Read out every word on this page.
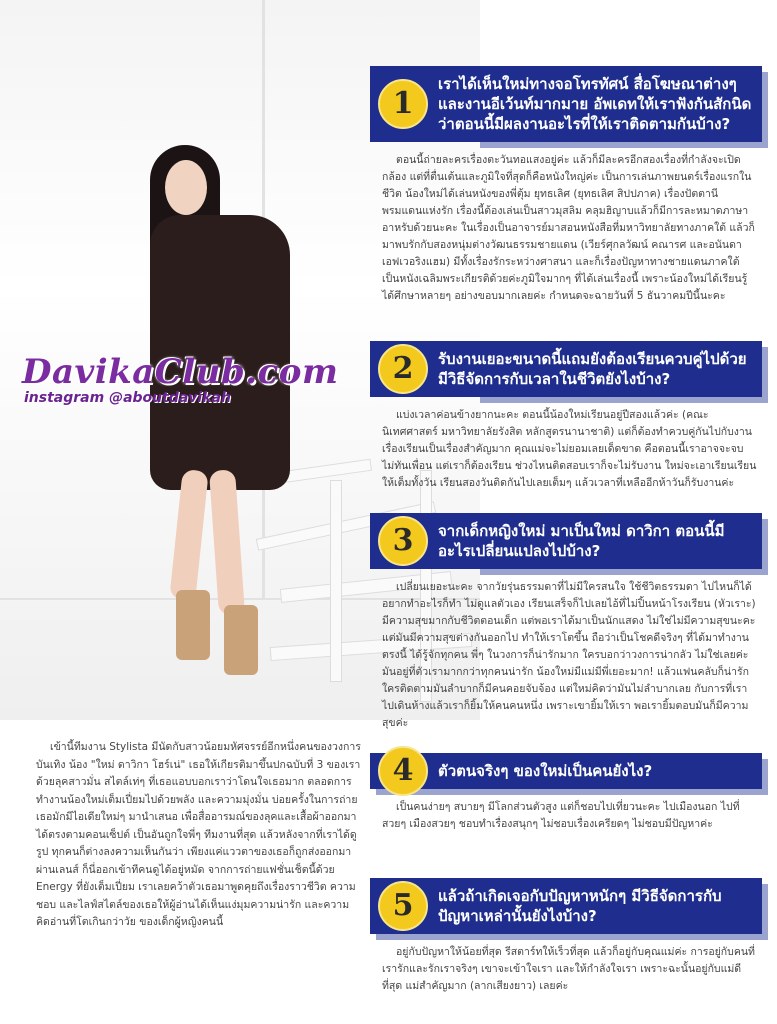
DavikaClub.com
instagram @aboutdavikah
1
เราได้เห็นใหม่ทางจอโทรทัศน์ สื่อโฆษณาต่างๆ และงานอีเว้นท์มากมาย อัพเดทให้เราฟังกันสักนิดว่าตอนนี้มีผลงานอะไรที่ให้เราติดตามกันบ้าง?
ตอนนี้ถ่ายละครเรื่องตะวันทอแสงอยู่ค่ะ แล้วก็มีละครอีกสองเรื่องที่กำลังจะเปิดกล้อง แต่ที่ตื่นเต้นและภูมิใจที่สุดก็คือหนังใหญ่ค่ะ เป็นการเล่นภาพยนตร์เรื่องแรกในชีวิต น้องใหม่ได้เล่นหนังของพี่ตุ้ม ยุทธเลิศ (ยุทธเลิศ สิปปภาค) เรื่องปัตตานี พรมแดนแห่งรัก เรื่องนี้ต้องเล่นเป็นสาวมุสลิม คลุมฮิญาบแล้วก็มีการละหมาดภาษาอาหรับด้วยนะคะ ในเรื่องเป็นอาจารย์มาสอนหนังสือที่มหาวิทยาลัยทางภาคใต้ แล้วก็มาพบรักกับสองหนุ่มต่างวัฒนธรรมชายแดน (เวียร์ศุกลวัฒน์ คณารศ และอนันดา เอฟเวอริงแฮม) มีทั้งเรื่องรักระหว่างศาสนา และก็เรื่องปัญหาทางชายแดนภาคใต้ เป็นหนังเฉลิมพระเกียรติด้วยค่ะภูมิใจมากๆ ที่ได้เล่นเรื่องนี้ เพราะน้องใหม่ได้เรียนรู้ ได้ศึกษาหลายๆ อย่างขอบมากเลยค่ะ กำหนดจะฉายวันที่ 5 ธันวาคมปีนี้นะคะ
2	รับงานเยอะขนาดนี้แถมยังต้องเรียนควบคู่ไปด้วย มีวิธีจัดการกับเวลาในชีวิตยังไงบ้าง?
แบ่งเวลาค่อนข้างยากนะคะ ตอนนี้น้องใหม่เรียนอยู่ปีสองแล้วค่ะ (คณะนิเทศศาสตร์ มหาวิทยาลัยรังสิต หลักสูตรนานาชาติ) แต่ก็ต้องทำควบคู่กันไปกับงาน เรื่องเรียนเป็นเรื่องสำคัญมาก คุณแม่จะไม่ยอมเลยเด็ดขาด คือตอนนี้เราอาจจะจบไม่ทันเพื่อน แต่เราก็ต้องเรียน ช่วงไหนติดสอบเราก็จะไม่รับงาน ใหม่จะเอาเรียนเรียนให้เต็มทั้งวัน เรียนสองวันติดกันไปเลยเต็มๆ แล้วเวลาที่เหลืออีกห้าวันก็รับงานค่ะ
3	จากเด็กหญิงใหม่ มาเป็นใหม่ ดาวิกา ตอนนี้มีอะไรเปลี่ยนแปลงไปบ้าง?
เปลี่ยนเยอะนะคะ จากวัยรุ่นธรรมดาที่ไม่มีใครสนใจ ใช้ชีวิตธรรมดา ไปไหนก็ได้ อยากทำอะไรก็ทำ ไม่ดูแลตัวเอง เรียนเสร็จก็ไปเลยไอ้ที่ไม่ปิ้นหน้าโรงเรียน (หัวเราะ) มีความสุขมากกับชีวิตตอนเด็ก แต่พอเราได้มาเป็นนักแสดง ไม่ใช่ไม่มีความสุขนะคะ แต่มันมีความสุขต่างกันออกไป ทำให้เราโตขึ้น ถือว่าเป็นโชคดีจริงๆ ที่ได้มาทำงานตรงนี้ ได้รู้จักทุกคน พี่ๆ ในวงการก็น่ารักมาก ใครบอกว่าวงการน่ากลัว ไม่ใช่เลยค่ะ มันอยู่ที่ตัวเรามากกว่าทุกคนน่ารัก น้องใหม่มีแม่มีพี่เยอะมาก! แล้วแฟนคลับก็น่ารัก ใครติดตามมันลำบากก็มีคนคอยจับจ้อง แต่ใหม่คิดว่ามันไม่ลำบากเลย กับการที่เราไปเดินห้างแล้วเราก็ยิ้มให้คนคนหนึ่ง เพราะเขายิ้มให้เรา พอเรายิ้มตอบมันก็มีความสุขค่ะ
4	ตัวตนจริงๆ ของใหม่เป็นคนยังไง?
เป็นคนง่ายๆ สบายๆ มีโลกส่วนตัวสูง แต่ก็ชอบไปเที่ยวนะคะ ไปเมืองนอก ไปที่สวยๆ เมืองสวยๆ ชอบทำเรื่องสนุกๆ ไม่ชอบเรื่องเครียดๆ ไม่ชอบมีปัญหาค่ะ
5	แล้วถ้าเกิดเจอกับปัญหาหนักๆ มีวิธีจัดการกับปัญหาเหล่านั้นยังไงบ้าง?
อยู่กับปัญหาให้น้อยที่สุด รีสตาร์ทให้เร็วที่สุด แล้วก็อยู่กับคุณแม่ค่ะ การอยู่กับคนที่เรารักและรักเราจริงๆ เขาจะเข้าใจเรา และให้กำลังใจเรา เพราะฉะนั้นอยู่กับแม่ดีที่สุด แม่สำคัญมาก (ลากเสียงยาว) เลยค่ะ
เข้านี้ทีมงาน Stylista มีนัดกับสาวน้อยมหัศจรรย์อีกหนึ่งคนของวงการบันเทิง น้อง "ใหม่ ดาวิกา โฮร์เน่" เธอให้เกียรติมาขึ้นปกฉบับที่ 3 ของเราด้วยลุคสาวมั่น สไตล์เท่ๆ ที่เธอแอบบอกเราว่าโดนใจเธอมาก ตลอดการทำงานน้องใหม่เต็มเปี่ยมไปด้วยพลัง และความมุ่งมั่น บ่อยครั้งในการถ่ายเธอมักมีไอเดียใหม่ๆ มานำเสนอ เพื่อสื่ออารมณ์ของลุคและเสื้อผ้าออกมาได้ตรงตามคอนเซ็ปต์ เป็นอันถูกใจพี่ๆ ทีมงานที่สุด แล้วหลังจากที่เราได้ดูรูป ทุกคนก็ต่างลงความเห็นกันว่า เพียงแค่แววตาของเธอก็ถูกส่งออกมาผ่านเลนส์ ก็นี่ออกเข้าทีคนดูได้อยู่หมัด จากการถ่ายแฟชั่นเช็ตนี้ด้วย Energy ที่ยังเต็มเปี่ยม เราเลยคว้าตัวเธอมาพูดคุยถึงเรื่องราวชีวิต ความชอบ และไลฟ์สไตล์ของเธอให้ผู้อ่านได้เห็นแง่มุมความน่ารัก และความคิดอ่านที่โตเกินกว่าวัย ของเด็กผู้หญิงคนนี้
